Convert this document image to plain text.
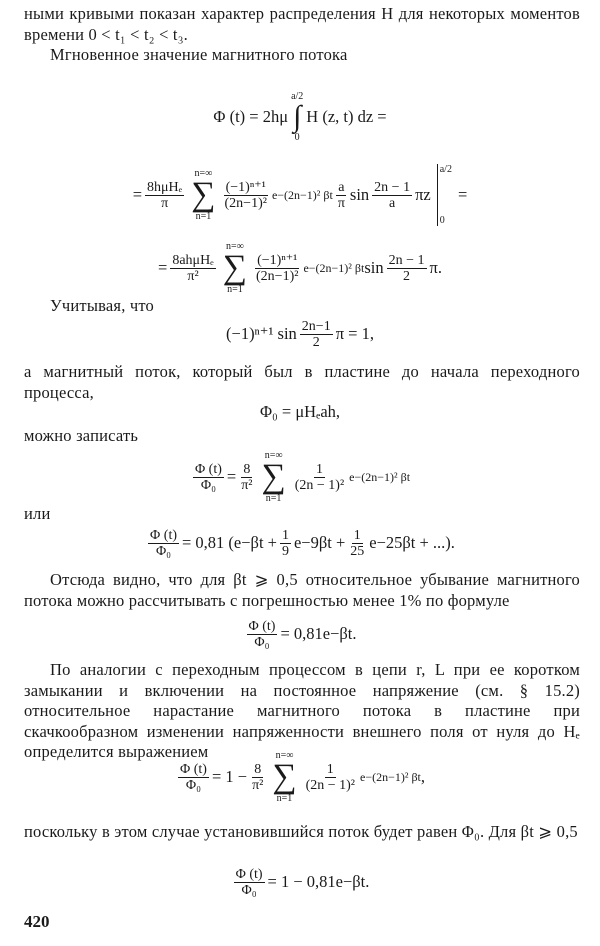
ными кривыми показан характер распределения H для некоторых моментов времени 0 < t₁ < t₂ < t₃.

Мгновенное значение магнитного потока

Φ (t) = 2hμ
a/2
∫
0
H (z, t) dz =
= $\frac{\text{8hμHₑ}}{\pi}$
n=∞
∑
n=1
$\frac{\text{(−1)ⁿ⁺¹}}{\text{(2n−1)²}} e-(2n-1)^2$ βt $\frac{a}{\pi}$ $\sin \frac{2n - 1}{a}$ πz
a/2
0
=
= $\frac{\text{8ahμHₑ}}{\text{π²}}$
n=∞
∑
n=1
$\frac{\text{(−1)ⁿ⁺¹}}{\text{(2n−1)²}} e-(2n-1)^2$ βt $\sin \frac{2n - 1}{2} \pi$.

Учитывая, что

(−1)ⁿ⁺¹ $\sin \frac{2n-1}{2}$ π = 1,

а магнитный поток, который был в пластине до начала переходного процесса,

Φ₀ = μHₑah,

можно записать

$\frac{\Phi (t)}{\text{Φ₀}} = \frac{8}{\text{π²}}$
n=∞
∑
n=1
$\frac{1}{\text{(2n − 1)²}} e-(2n-1)^2$ βt

или

$\frac{\Phi (t)}{\text{Φ₀}} = 0,81$ ($e-\beta t + \frac{1}{9} e-9\beta t + \frac{1}{25} e-25\beta t$ + ...).

Отсюда видно, что для βt ⩾ 0,5 относительное убывание магнитного потока можно рассчитывать с погрешностью менее 1% по формуле

$\frac{\Phi (t)}{\text{Φ₀}} = 0,81e-\beta t$.

По аналогии с переходным процессом в цепи r, L при ее коротком замыкании и включении на постоянное напряжение (см. § 15.2) относительное нарастание магнитного потока в пластине при скачкообразном изменении напряженности внешнего поля от нуля до Hₑ определится выражением

$\frac{\Phi (t)}{\text{Φ₀}} = 1 - \frac{8}{\text{π²}}$
n=∞
∑
n=1
$\frac{1}{\text{(2n − 1)²}} e-(2n-1)^2$ βt ,

поскольку в этом случае установившийся поток будет равен Φ₀. Для βt ⩾ 0,5

$\frac{\Phi (t)}{\text{Φ₀}} = 1 - 0,81e-\beta t$.
420
